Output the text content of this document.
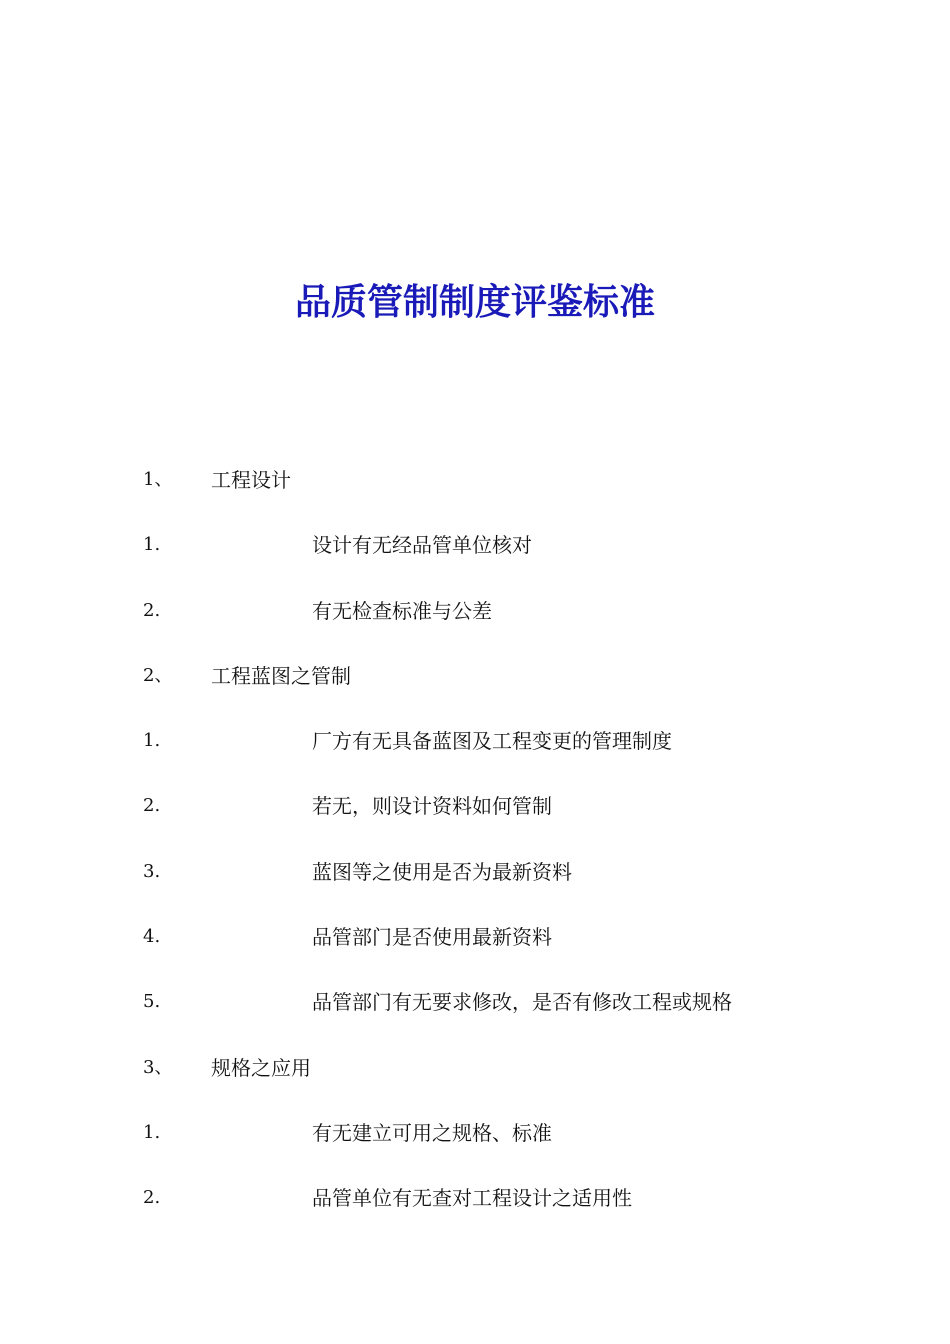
品质管制制度评鉴标准
1、 工程设计
1.	设计有无经品管单位核对
2.	有无检查标准与公差
2、 工程蓝图之管制
1.	厂方有无具备蓝图及工程变更的管理制度
2.	若无，则设计资料如何管制
3.	蓝图等之使用是否为最新资料
4.	品管部门是否使用最新资料
5.	品管部门有无要求修改，是否有修改工程或规格
3、 规格之应用
1.	有无建立可用之规格、标准
2.	品管单位有无查对工程设计之适用性
